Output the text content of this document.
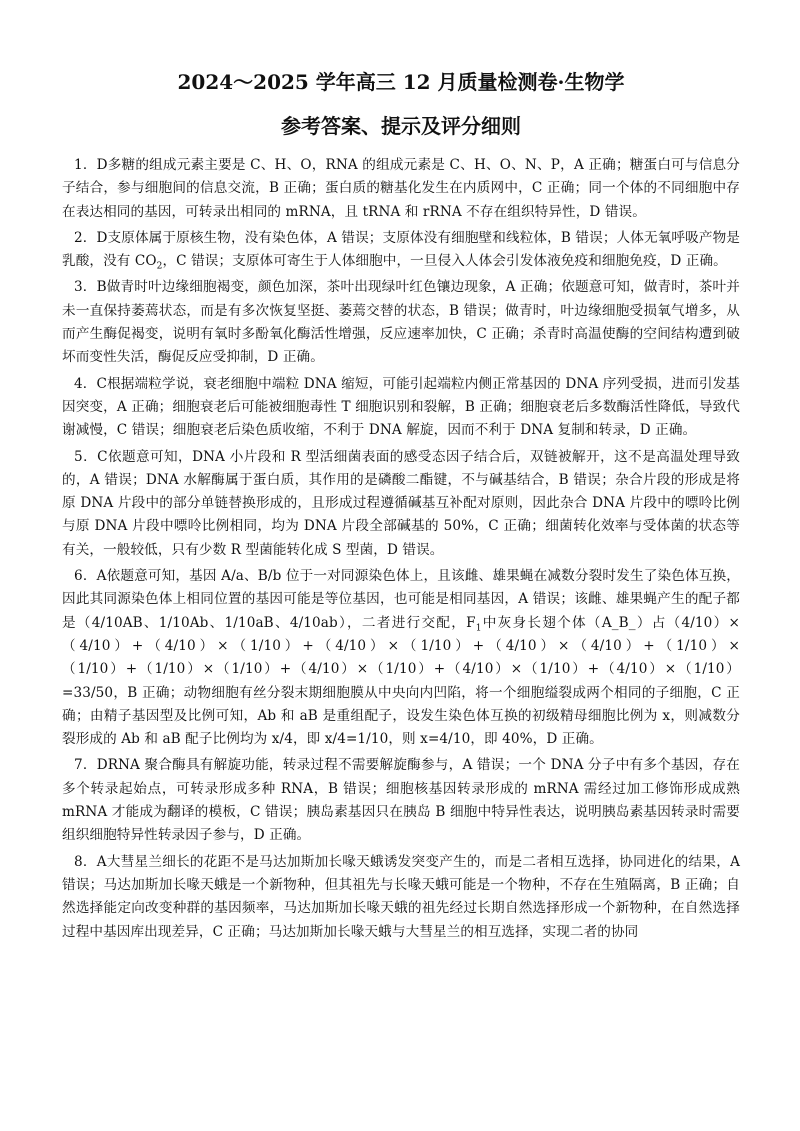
2024～2025 学年高三 12 月质量检测卷·生物学
参考答案、提示及评分细则

1．D多糖的组成元素主要是 C、H、O，RNA 的组成元素是 C、H、O、N、P，A 正确；糖蛋白可与信息分子结合，参与细胞间的信息交流，B 正确；蛋白质的糖基化发生在内质网中，C 正确；同一个体的不同细胞中存在表达相同的基因，可转录出相同的 mRNA，且 tRNA 和 rRNA 不存在组织特异性，D 错误。

2．D支原体属于原核生物，没有染色体，A 错误；支原体没有细胞壁和线粒体，B 错误；人体无氧呼吸产物是乳酸，没有 $CO_2$，C 错误；支原体可寄生于人体细胞中，一旦侵入人体会引发体液免疫和细胞免疫，D 正确。

3．B做青时叶边缘细胞褐变，颜色加深，茶叶出现绿叶红色镶边现象，A 正确；依题意可知，做青时，茶叶并未一直保持萎蔫状态，而是有多次恢复坚挺、萎蔫交替的状态，B 错误；做青时，叶边缘细胞受损氧气增多，从而产生酶促褐变，说明有氧时多酚氧化酶活性增强，反应速率加快，C 正确；杀青时高温使酶的空间结构遭到破坏而变性失活，酶促反应受抑制，D 正确。

4．C根据端粒学说，衰老细胞中端粒 DNA 缩短，可能引起端粒内侧正常基因的 DNA 序列受损，进而引发基因突变，A 正确；细胞衰老后可能被细胞毒性 T 细胞识别和裂解，B 正确；细胞衰老后多数酶活性降低，导致代谢减慢，C 错误；细胞衰老后染色质收缩，不利于 DNA 解旋，因而不利于 DNA 复制和转录，D 正确。

5．C依题意可知，DNA 小片段和 R 型活细菌表面的感受态因子结合后，双链被解开，这不是高温处理导致的，A 错误；DNA 水解酶属于蛋白质，其作用的是磷酸二酯键，不与碱基结合，B 错误；杂合片段的形成是将原 DNA 片段中的部分单链替换形成的，且形成过程遵循碱基互补配对原则，因此杂合 DNA 片段中的嘌呤比例与原 DNA 片段中嘌呤比例相同，均为 DNA 片段全部碱基的 50%，C 正确；细菌转化效率与受体菌的状态等有关，一般较低，只有少数 R 型菌能转化成 S 型菌，D 错误。

6．A依题意可知，基因 A/a、B/b 位于一对同源染色体上，且该雌、雄果蝇在减数分裂时发生了染色体互换，因此其同源染色体上相同位置的基因可能是等位基因，也可能是相同基因，A 错误；该雌、雄果蝇产生的配子都是（4/10AB、1/10Ab、1/10aB、4/10ab），二者进行交配，$F_1$中灰身长翅个体（A_B_）占（4/10）×（4/10）+（4/10）×（1/10）+（4/10）×（1/10）+（4/10）×（4/10）+（1/10）×（1/10）+（1/10）×（1/10）+（4/10）×（1/10）+（4/10）×（1/10）+（4/10）×（1/10）=33/50，B 正确；动物细胞有丝分裂末期细胞膜从中央向内凹陷，将一个细胞缢裂成两个相同的子细胞，C 正确；由精子基因型及比例可知，Ab 和 aB 是重组配子，设发生染色体互换的初级精母细胞比例为 x，则减数分裂形成的 Ab 和 aB 配子比例均为 x/4，即 x/4=1/10，则 x=4/10，即 40%，D 正确。

7．DRNA 聚合酶具有解旋功能，转录过程不需要解旋酶参与，A 错误；一个 DNA 分子中有多个基因，存在多个转录起始点，可转录形成多种 RNA，B 错误；细胞核基因转录形成的 mRNA 需经过加工修饰形成成熟 mRNA 才能成为翻译的模板，C 错误；胰岛素基因只在胰岛 B 细胞中特异性表达，说明胰岛素基因转录时需要组织细胞特异性转录因子参与，D 正确。

8．A大彗星兰细长的花距不是马达加斯加长喙天蛾诱发突变产生的，而是二者相互选择，协同进化的结果，A 错误；马达加斯加长喙天蛾是一个新物种，但其祖先与长喙天蛾可能是一个物种，不存在生殖隔离，B 正确；自然选择能定向改变种群的基因频率，马达加斯加长喙天蛾的祖先经过长期自然选择形成一个新物种，在自然选择过程中基因库出现差异，C 正确；马达加斯加长喙天蛾与大彗星兰的相互选择，实现二者的协同
